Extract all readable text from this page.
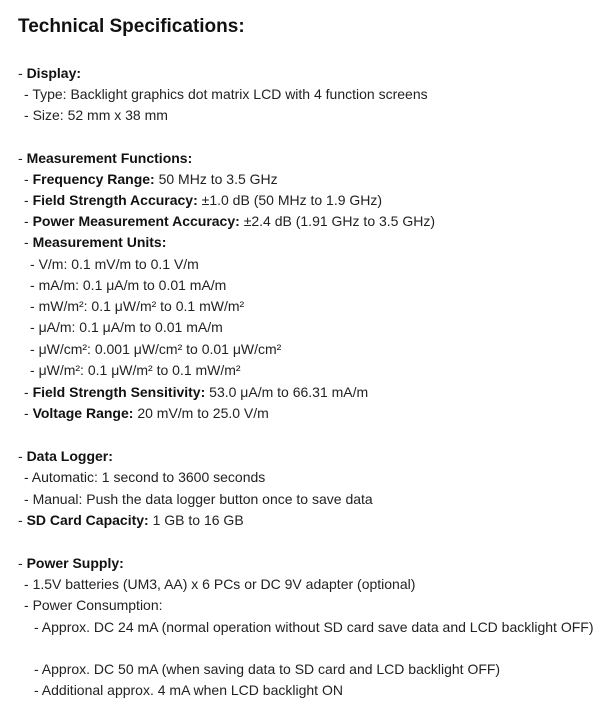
Technical Specifications:
- Display:
- Type: Backlight graphics dot matrix LCD with 4 function screens
- Size: 52 mm x 38 mm
- Measurement Functions:
- Frequency Range: 50 MHz to 3.5 GHz
- Field Strength Accuracy: ±1.0 dB (50 MHz to 1.9 GHz)
- Power Measurement Accuracy: ±2.4 dB (1.91 GHz to 3.5 GHz)
- Measurement Units:
- V/m: 0.1 mV/m to 0.1 V/m
- mA/m: 0.1 μA/m to 0.01 mA/m
- mW/m²: 0.1 μW/m² to 0.1 mW/m²
- μA/m: 0.1 μA/m to 0.01 mA/m
- μW/cm²: 0.001 μW/cm² to 0.01 μW/cm²
- μW/m²: 0.1 μW/m² to 0.1 mW/m²
- Field Strength Sensitivity: 53.0 μA/m to 66.31 mA/m
- Voltage Range: 20 mV/m to 25.0 V/m
- Data Logger:
- Automatic: 1 second to 3600 seconds
- Manual: Push the data logger button once to save data
- SD Card Capacity: 1 GB to 16 GB
- Power Supply:
- 1.5V batteries (UM3, AA) x 6 PCs or DC 9V adapter (optional)
- Power Consumption:
- Approx. DC 24 mA (normal operation without SD card save data and LCD backlight OFF)
- Approx. DC 50 mA (when saving data to SD card and LCD backlight OFF)
- Additional approx. 4 mA when LCD backlight ON
